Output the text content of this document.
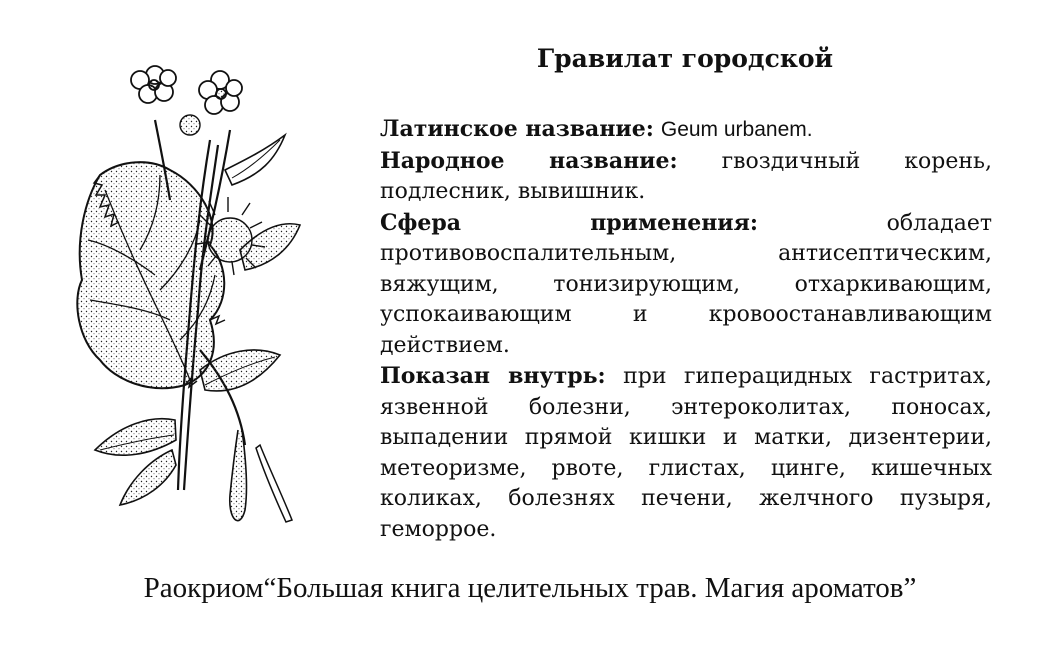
Гравилат городской

Латинское название: Geum urbanem.

Народное название: гвоздичный корень, подлесник, вывишник.

Сфера применения:	обладает противовоспалительным, антисептическим, вяжущим, тонизирующим, отхаркивающим, успокаивающим и кровоостанавливающим действием.

Показан внутрь: при гиперацидных гастритах, язвенной болезни, энтероколитах, поносах, выпадении прямой кишки и матки, дизентерии, метеоризме, рвоте, глистах, цинге, кишечных коликах, болезнях печени, желчного пузыря, геморрое.

Раокриом“Большая книга целительных трав. Магия ароматов”
